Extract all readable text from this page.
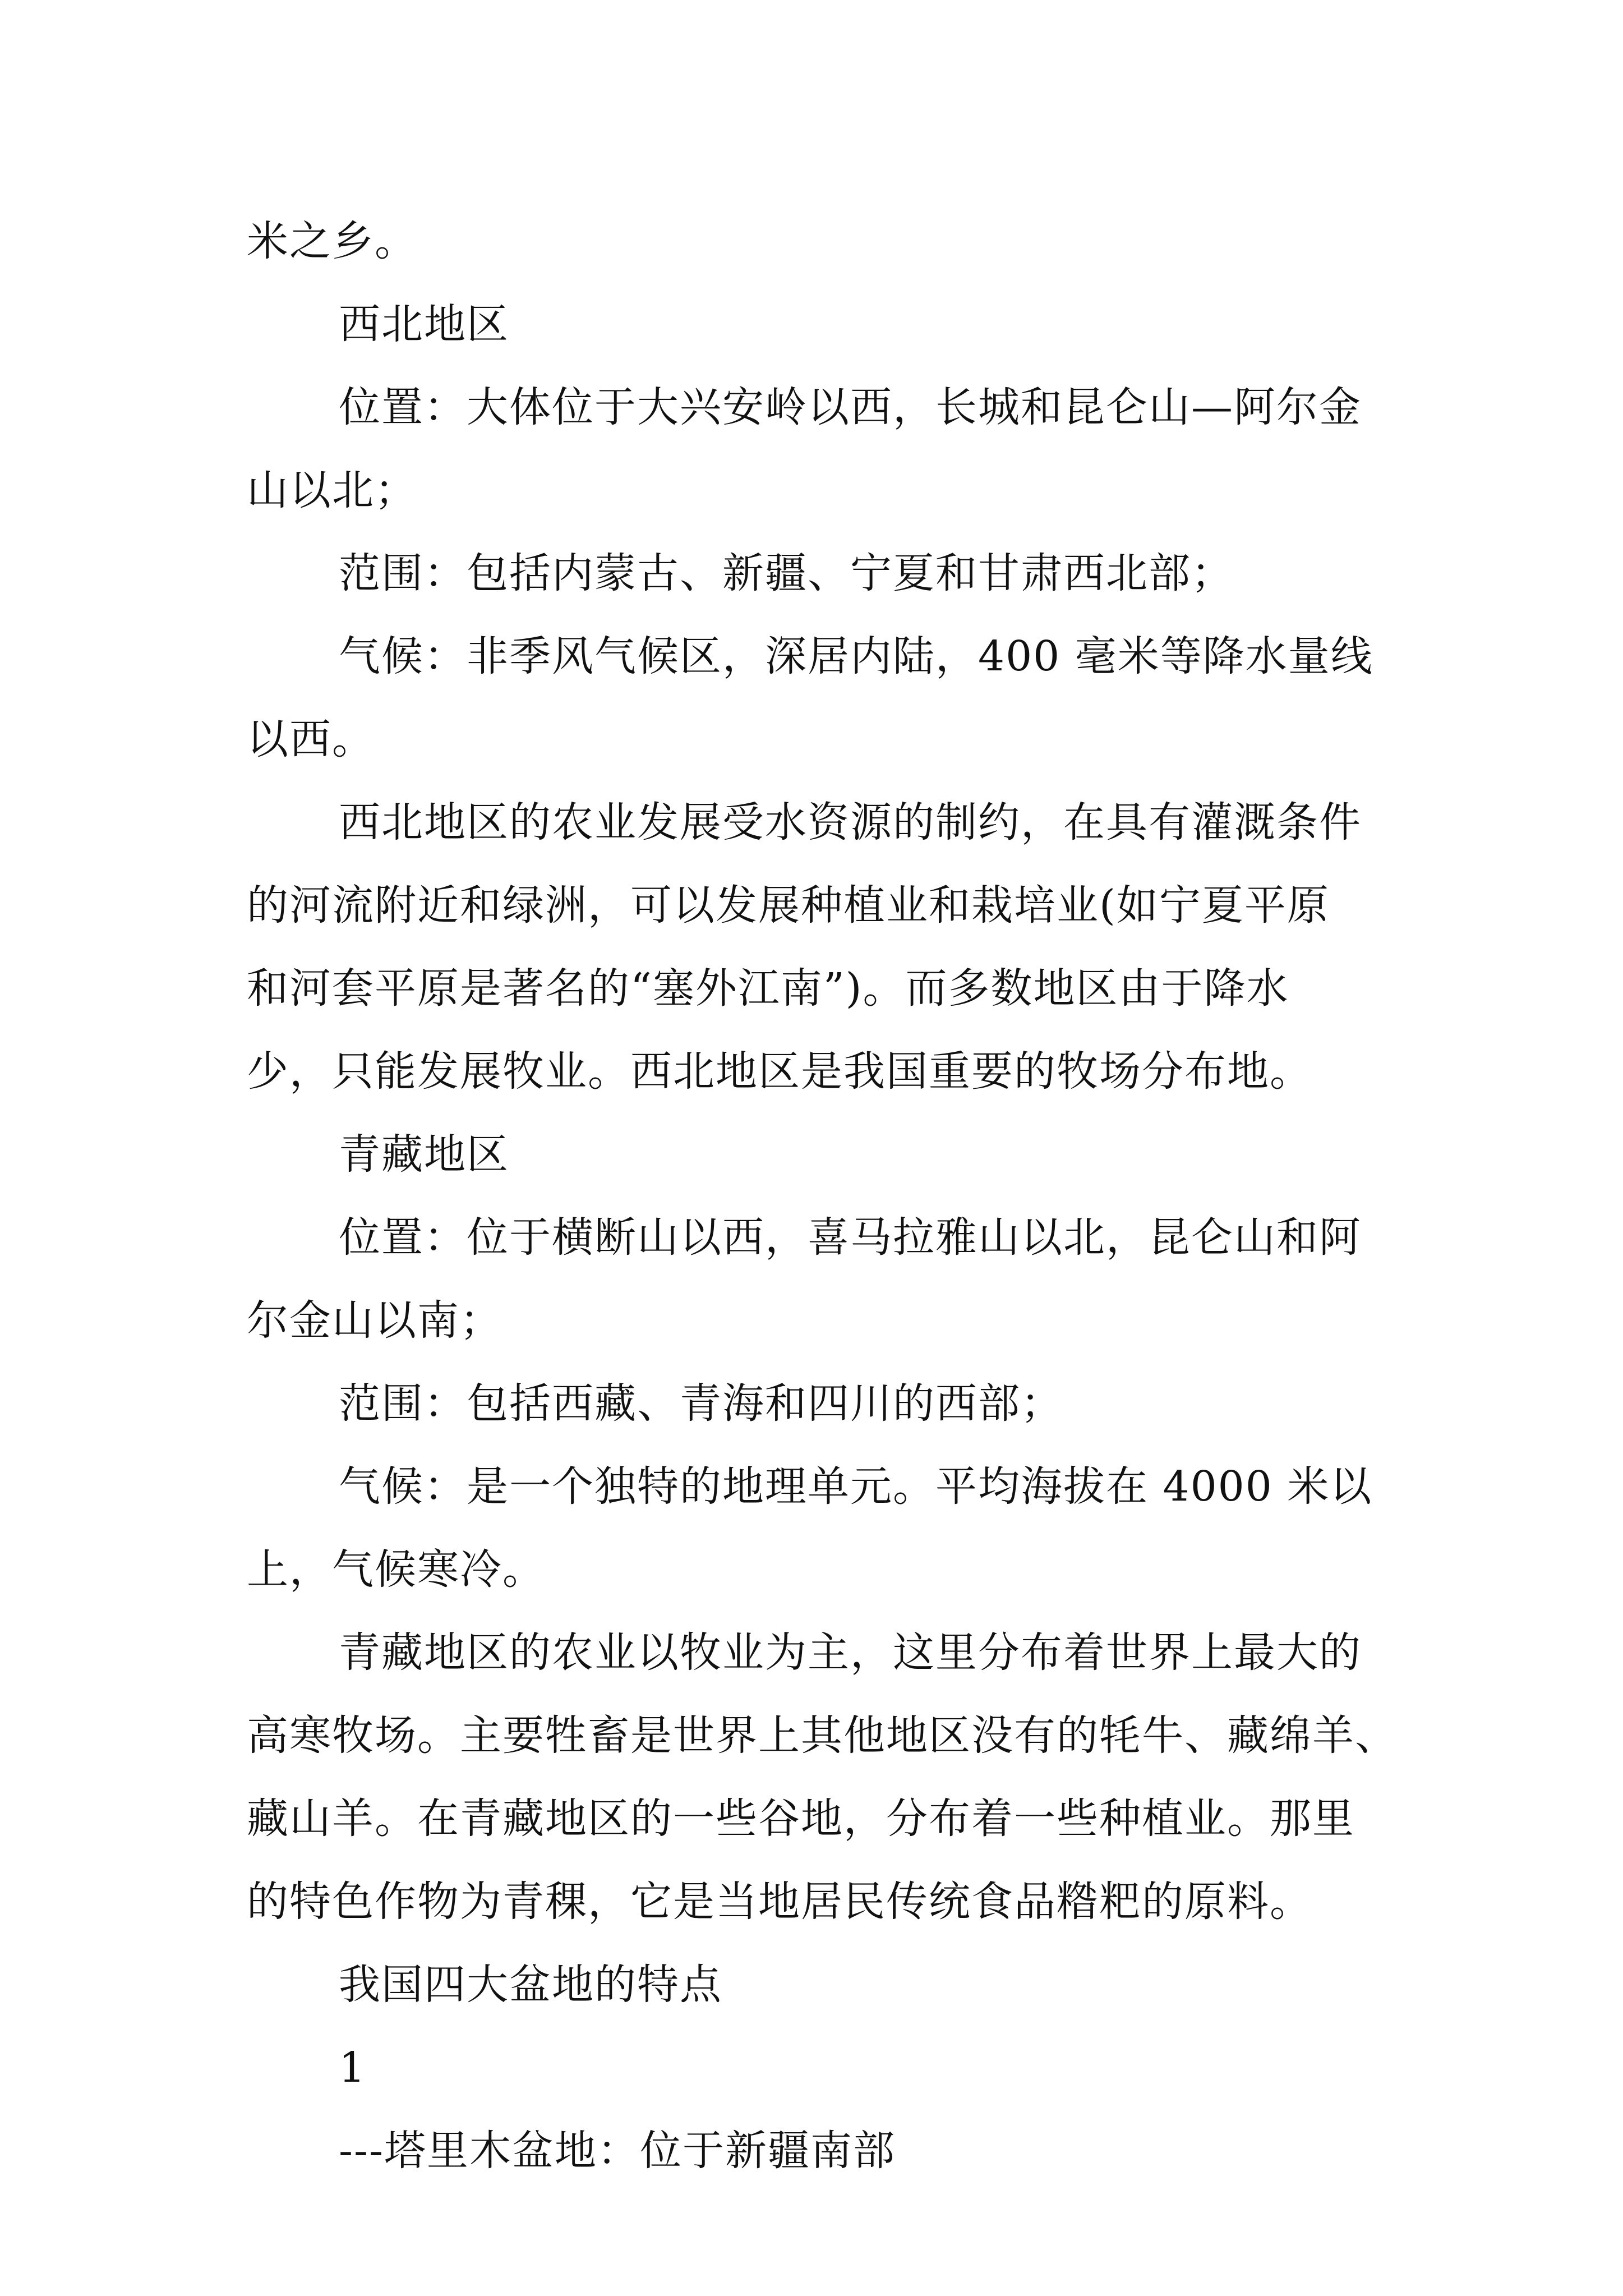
米之乡。
西北地区
位置：大体位于大兴安岭以西，长城和昆仑山—阿尔金
山以北；
范围：包括内蒙古、新疆、宁夏和甘肃西北部；
气候：非季风气候区，深居内陆，400 毫米等降水量线
以西。
西北地区的农业发展受水资源的制约，在具有灌溉条件
的河流附近和绿洲，可以发展种植业和栽培业(如宁夏平原
和河套平原是著名的“塞外江南”)。而多数地区由于降水
少，只能发展牧业。西北地区是我国重要的牧场分布地。
青藏地区
位置：位于横断山以西，喜马拉雅山以北，昆仑山和阿
尔金山以南；
范围：包括西藏、青海和四川的西部；
气候：是一个独特的地理单元。平均海拔在 4000 米以
上，气候寒冷。
青藏地区的农业以牧业为主，这里分布着世界上最大的
高寒牧场。主要牲畜是世界上其他地区没有的牦牛、藏绵羊、
藏山羊。在青藏地区的一些谷地，分布着一些种植业。那里
的特色作物为青稞，它是当地居民传统食品糌粑的原料。
我国四大盆地的特点
1
---塔里木盆地：位于新疆南部
